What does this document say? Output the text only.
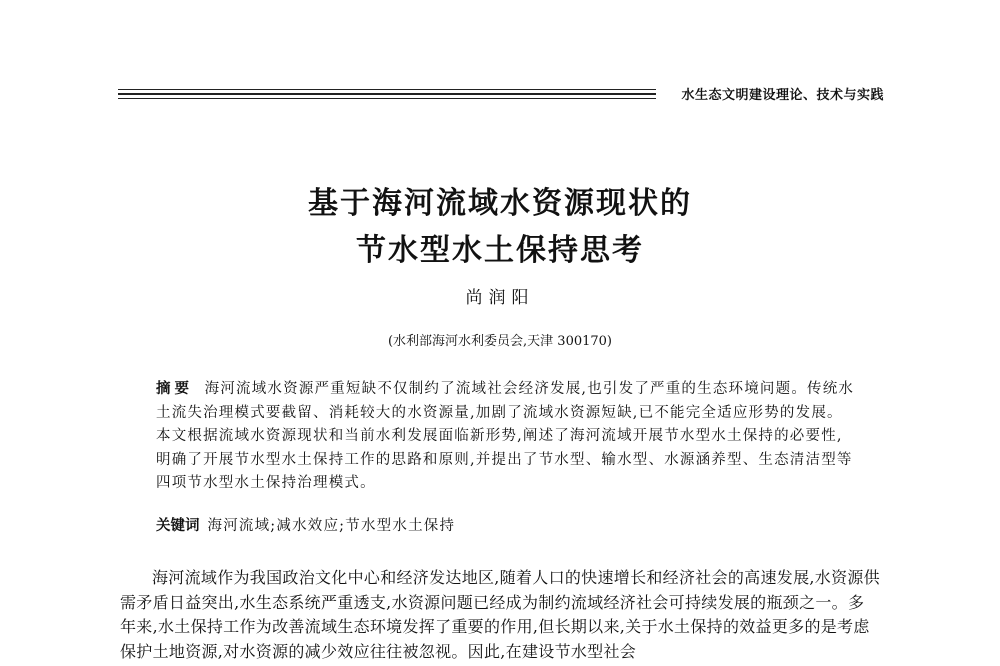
水生态文明建设理论、技术与实践
基于海河流域水资源现状的
节水型水土保持思考
尚润阳
(水利部海河水利委员会,天津 300170)

摘要 海河流域水资源严重短缺不仅制约了流域社会经济发展,也引发了严重的生态环境问题。传统水土流失治理模式要截留、消耗较大的水资源量,加剧了流域水资源短缺,已不能完全适应形势的发展。本文根据流域水资源现状和当前水利发展面临新形势,阐述了海河流域开展节水型水土保持的必要性,明确了开展节水型水土保持工作的思路和原则,并提出了节水型、输水型、水源涵养型、生态清洁型等四项节水型水土保持治理模式。

关键词 海河流域;减水效应;节水型水土保持

海河流域作为我国政治文化中心和经济发达地区,随着人口的快速增长和经济社会的高速发展,水资源供需矛盾日益突出,水生态系统严重透支,水资源问题已经成为制约流域经济社会可持续发展的瓶颈之一。多年来,水土保持工作为改善流域生态环境发挥了重要的作用,但长期以来,关于水土保持的效益更多的是考虑保护土地资源,对水资源的减少效应往往被忽视。因此,在建设节水型社会
